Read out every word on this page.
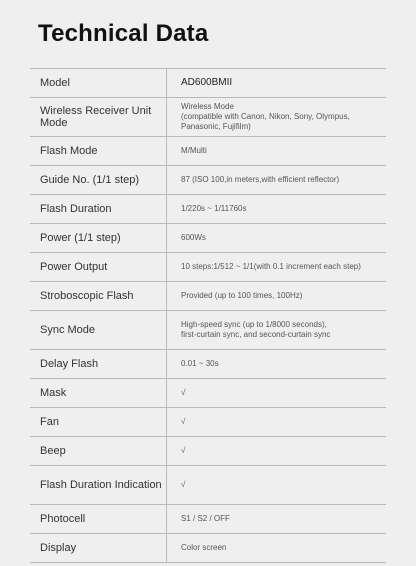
Technical Data
Model	AD600BMII
Wireless Receiver Unit Mode	Wireless Mode
(compatible with Canon, Nikon, Sony, Olympus, Panasonic, Fujifilm)
Flash Mode	M/Multi
Guide No. (1/1 step)	87 (ISO 100,in meters,with efficient reflector)
Flash Duration	1/220s ~ 1/11760s
Power (1/1 step)	600Ws
Power Output	10 steps:1/512 ~ 1/1(with 0.1 increment each step)
Stroboscopic Flash	Provided (up to 100 times, 100Hz)
Sync Mode	High-speed sync (up to 1/8000 seconds),
first-curtain sync, and second-curtain sync
Delay Flash	0.01 ~ 30s
Mask	√
Fan	√
Beep	√
Flash Duration Indication	√
Photocell	S1 / S2 / OFF
Display	Color screen
